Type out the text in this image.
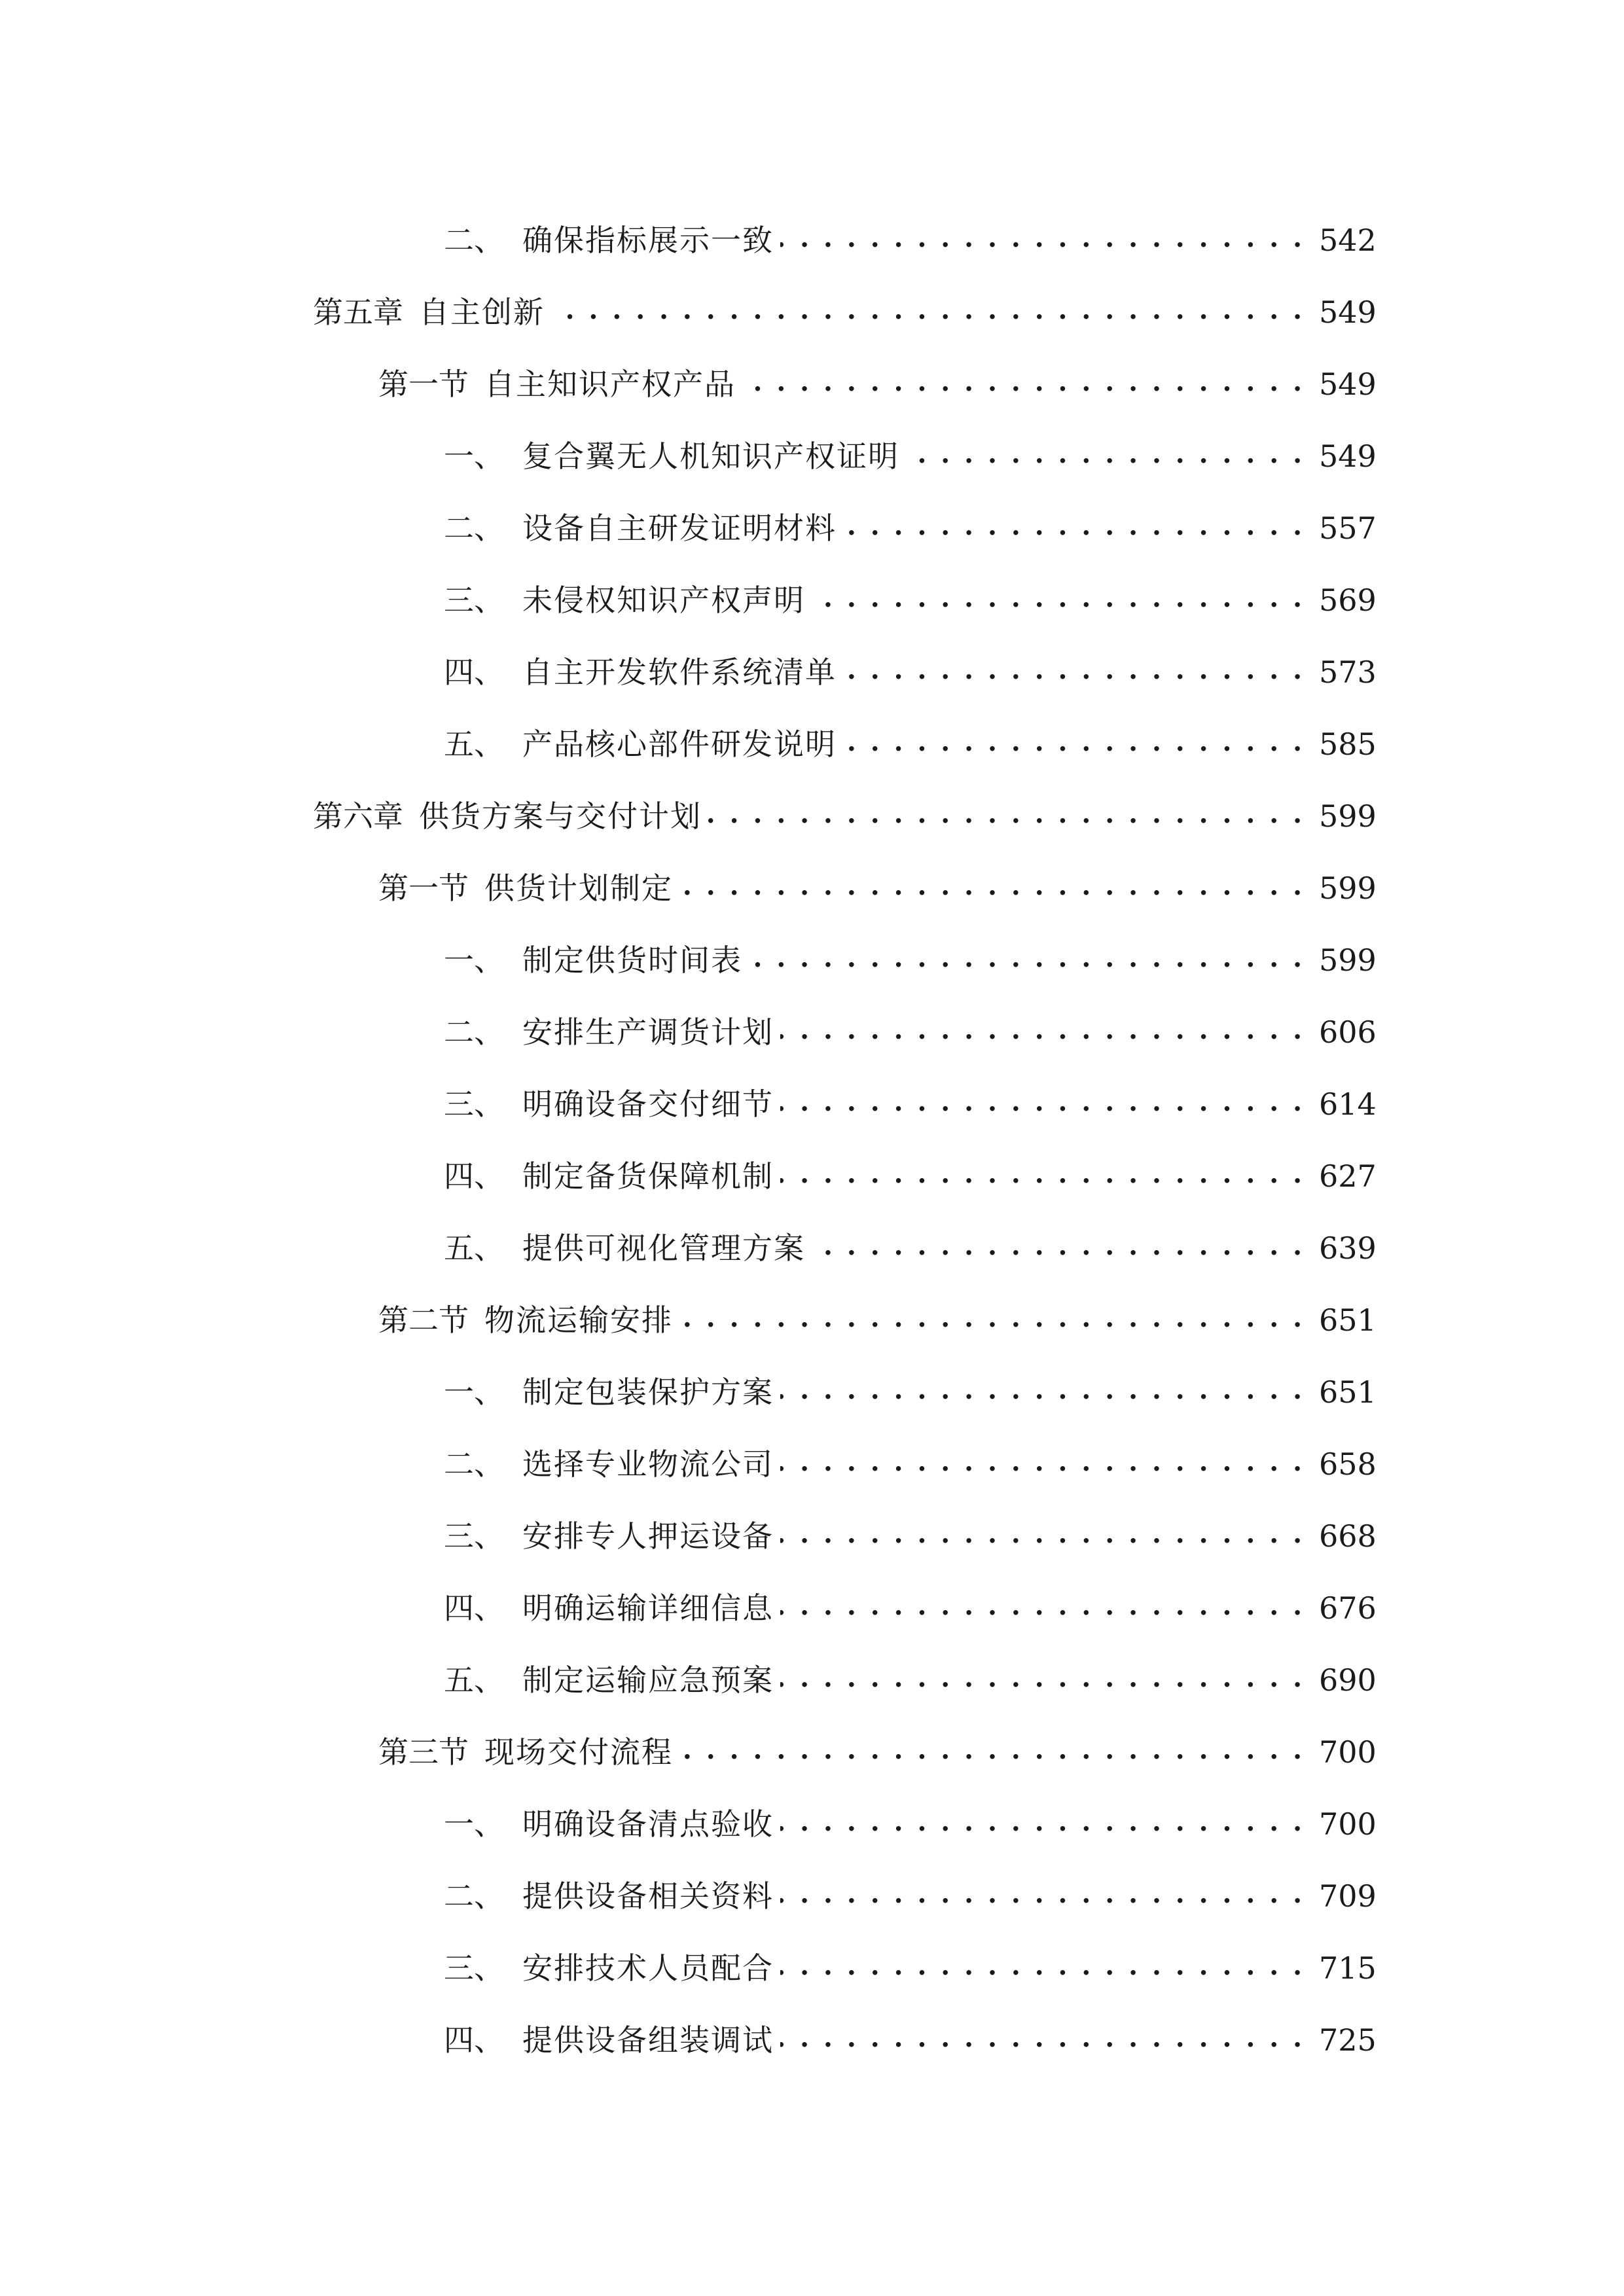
二、 确保指标展示一致 . . .	542
第五章 自主创新 . . .	549
第一节 自主知识产权产品 . . .	549
一、 复合翼无人机知识产权证明 . . .	549
二、 设备自主研发证明材料 . . .	557
三、 未侵权知识产权声明 . . .	569
四、 自主开发软件系统清单 . . .	573
五、 产品核心部件研发说明 . . .	585
第六章 供货方案与交付计划 . . .	599
第一节 供货计划制定 . . .	599
一、 制定供货时间表 . . .	599
二、 安排生产调货计划 . . .	606
三、 明确设备交付细节 . . .	614
四、 制定备货保障机制 . . .	627
五、 提供可视化管理方案 . . .	639
第二节 物流运输安排 . . .	651
一、 制定包装保护方案 . . .	651
二、 选择专业物流公司 . . .	658
三、 安排专人押运设备 . . .	668
四、 明确运输详细信息 . . .	676
五、 制定运输应急预案 . . .	690
第三节 现场交付流程 . . .	700
一、 明确设备清点验收 . . .	700
二、 提供设备相关资料 . . .	709
三、 安排技术人员配合 . . .	715
四、 提供设备组装调试 . . .	725
